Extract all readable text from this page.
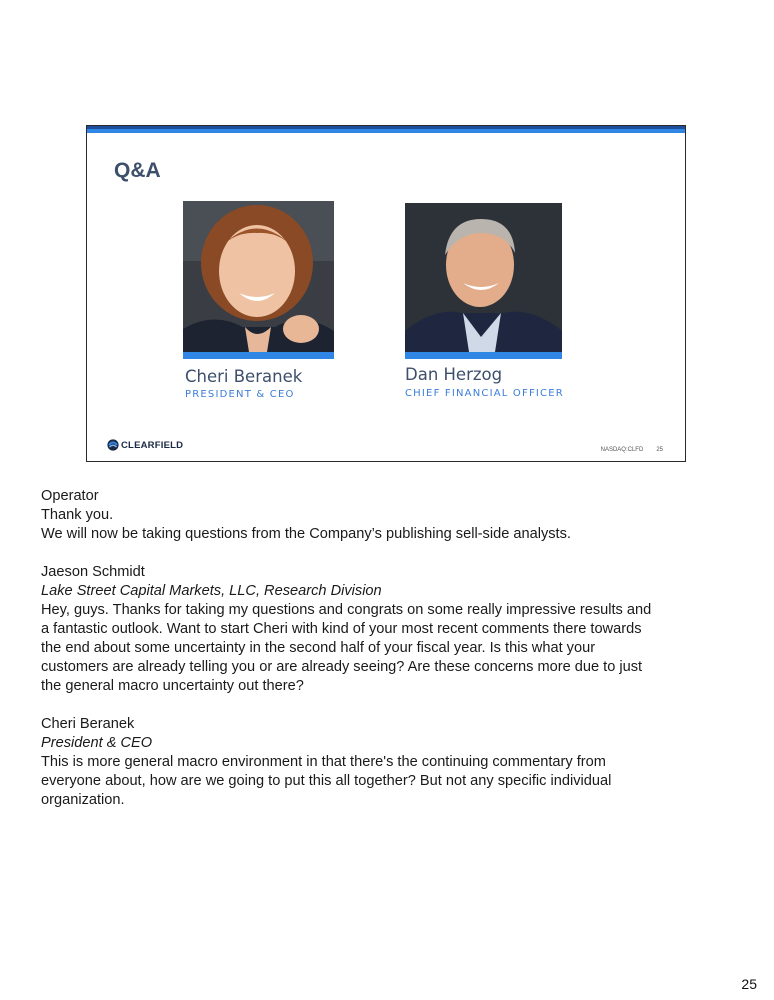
Q&A
Cheri Beranek
PRESIDENT & CEO
Dan Herzog
CHIEF FINANCIAL OFFICER
CLEARFIELD	NASDAQ:CLFD 25

Operator

Thank you.

We will now be taking questions from the Company’s publishing sell-side analysts.

Jaeson Schmidt

Lake Street Capital Markets, LLC, Research Division

Hey, guys. Thanks for taking my questions and congrats on some really impressive results and

a fantastic outlook. Want to start Cheri with kind of your most recent comments there towards

the end about some uncertainty in the second half of your fiscal year. Is this what your

customers are already telling you or are already seeing? Are these concerns more due to just

the general macro uncertainty out there?

Cheri Beranek

President & CEO

This is more general macro environment in that there's the continuing commentary from

everyone about, how are we going to put this all together? But not any specific individual

organization.

25
